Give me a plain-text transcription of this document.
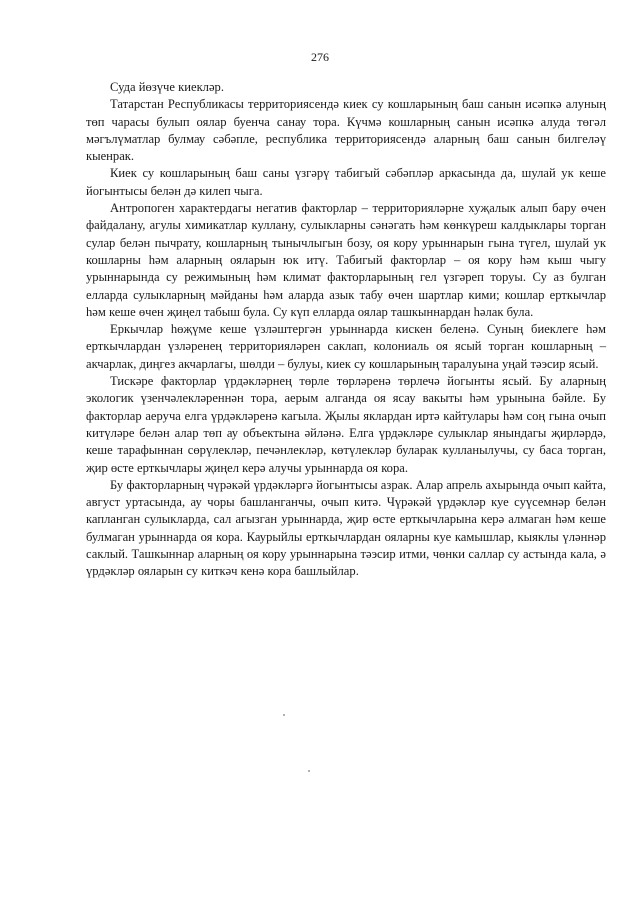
276

Суда йөзүче киекләр.

Татарстан Республикасы территориясендә киек су кошларының баш санын исәпкә алуның төп чарасы булып оялар буенча санау тора. Күчмә кошларның санын исәпкә алуда төгәл мәгълүматлар булмау сәбәпле, республика территориясендә аларның баш санын билгеләү кыенрак.

Киек су кошларының баш саны үзгәрү табигый сәбәпләр аркасында да, шулай ук кеше йогынтысы белән дә килеп чыга.

Антропоген характердагы негатив факторлар – территорияләрне хуҗалык алып бару өчен файдалану, агулы химикатлар куллану, сулыкларны сәнәгать һәм көнкүреш калдыклары торган сулар белән пычрату, кошларның тынычлыгын бозу, оя кору урыннарын гына түгел, шулай ук кошларны һәм аларның ояларын юк итү. Табигый факторлар – оя кору һәм кыш чыгу урыннарында су режимының һәм климат факторларының гел үзгәреп торуы. Су аз булган елларда сулыкларның мәйданы һәм аларда азык табу өчен шартлар кими; кошлар ерткычлар һәм кеше өчен җиңел табыш була. Су күп елларда оялар ташкыннардан һәлак була.

Еркычлар һөҗүме кеше үзләштергән урыннарда кискен беленә. Суның биеклеге һәм ерткычлардан үзләренең территорияләрен саклап, колониаль оя ясый торган кошларның – акчарлак, диңгез акчарлагы, шөлди – булуы, киек су кошларының таралуына уңай тәэсир ясый.

Тискәре факторлар үрдәкләрнең төрле төрләренә төрлечә йогынты ясый. Бу аларның экологик үзенчәлекләреннән тора, аерым алганда оя ясау вакыты һәм урынына бәйле. Бу факторлар аеруча елга үрдәкләренә кагыла. Җылы яклардан иртә кайтулары һәм соң гына очып китүләре белән алар төп ау объектына әйләнә. Елга үрдәкләре сулыклар янындагы җирләрдә, кеше тарафыннан сөрүлекләр, печәнлекләр, көтүлекләр буларак кулланылучы, су баса торган, җир өсте ерткычлары җиңел керә алучы урыннарда оя кора.

Бу факторларның чүрәкәй үрдәкләргә йогынтысы азрак. Алар апрель ахырында очып кайта, август уртасында, ау чоры башланганчы, очып китә. Чүрәкәй үрдәкләр куе суүсемнәр белән капланган сулыкларда, сал агызган урыннарда, җир өсте ерткычларына керә алмаган һәм кеше булмаган урыннарда оя кора. Каурыйлы ерткычлардан ояларны куе камышлар, кыяклы үләннәр саклый. Ташкыннар аларның оя кору урыннарына тәэсир итми, чөнки саллар су астында кала, ә үрдәкләр ояларын су киткәч кенә кора башлыйлар.
